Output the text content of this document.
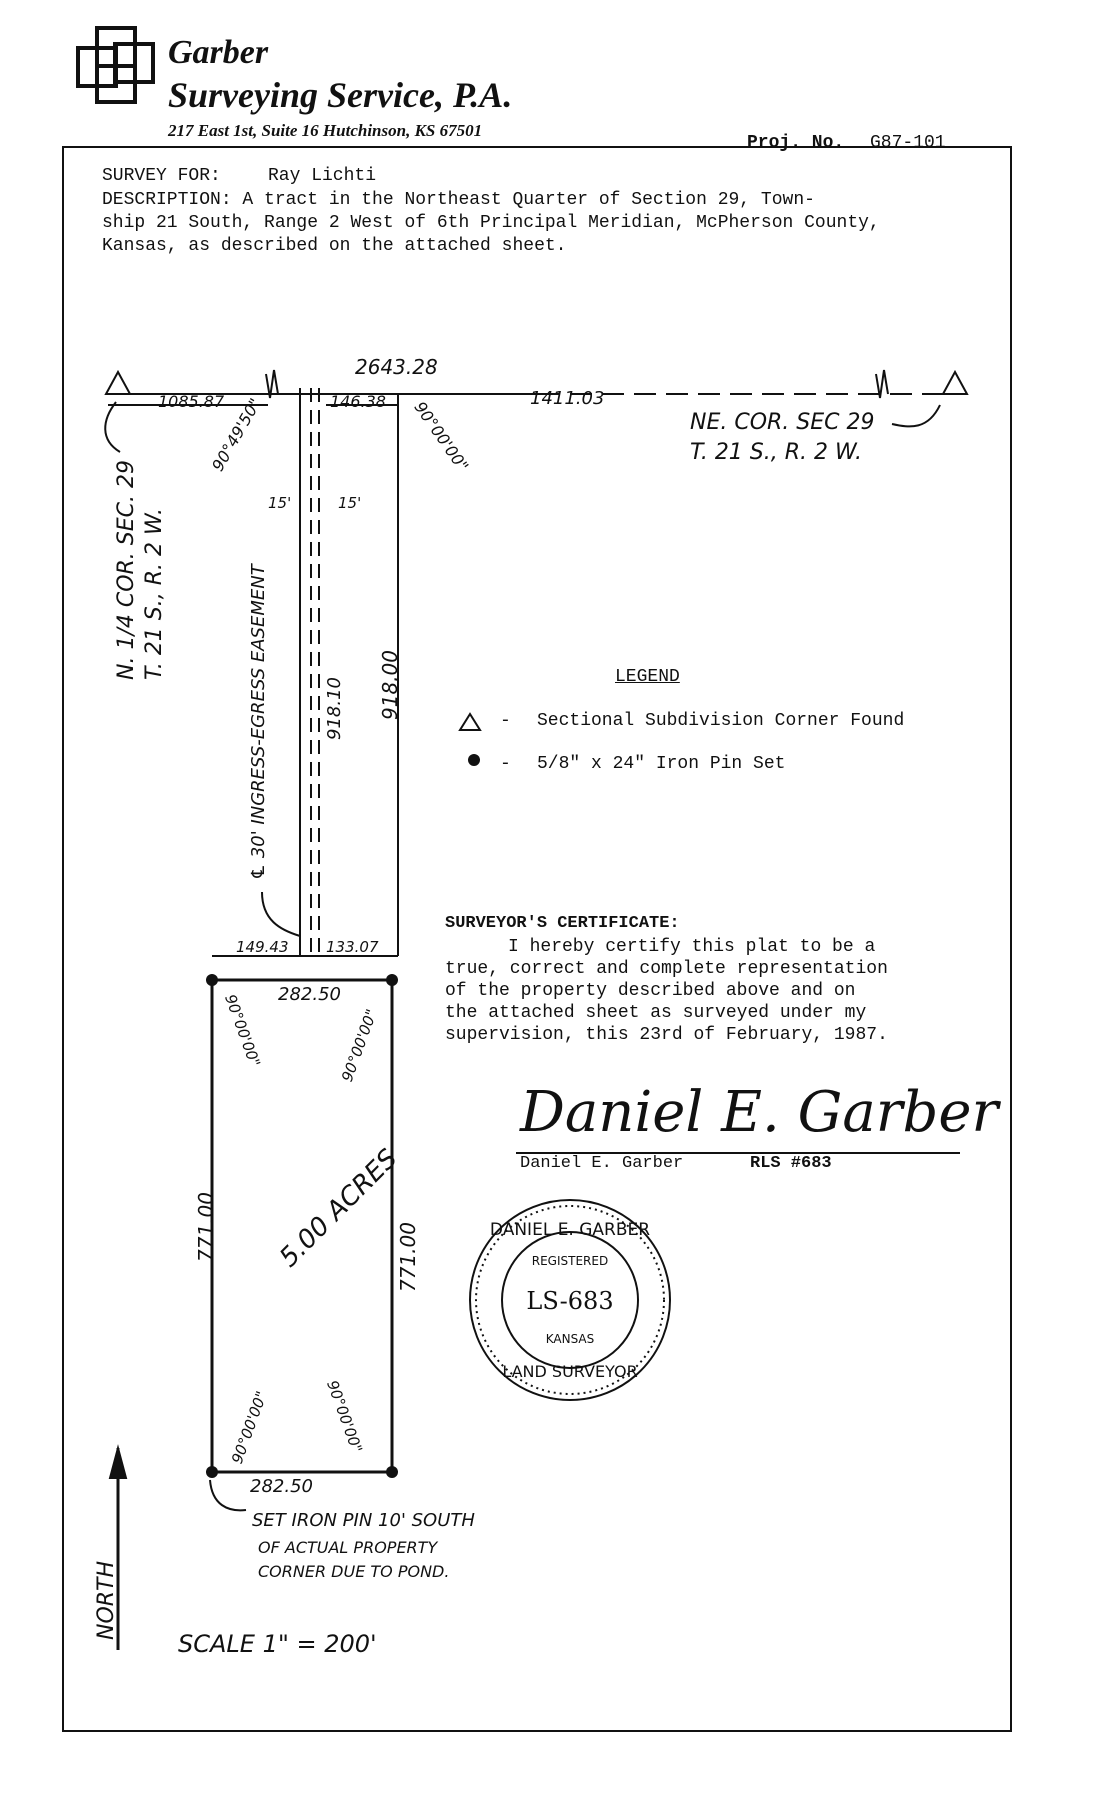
Garber
Surveying Service, P.A.
217 East 1st, Suite 16 Hutchinson, KS 67501
Proj. No. G87-101
SURVEY FOR:	Ray Lichti
DESCRIPTION: A tract in the Northeast Quarter of Section 29, Town-
ship 21 South, Range 2 West of 6th Principal Meridian, McPherson County,
Kansas, as described on the attached sheet.
2643.28
1085.87	146.38	1411.03
90°49'50"	90°00'00"	NE. COR. SEC 29
T. 21 S., R. 2 W.
N. 1/4 COR. SEC. 29 T. 21 S., R. 2 W.	℄ 30' INGRESS-EGRESS EASEMENT
15'	15'
918.10 918.00
149.43	133.07
282.50
282.50
771.00	771.00
5.00 ACRES
90°00'00"	90°00'00"
90°00'00"	90°00'00"
SET IRON PIN 10' SOUTH
OF ACTUAL PROPERTY
CORNER DUE TO POND.
NORTH
SCALE 1" = 200'
LEGEND
- Sectional Subdivision Corner Found
- 5/8" x 24" Iron Pin Set
SURVEYOR'S CERTIFICATE:
I hereby certify this plat to be a
true, correct and complete representation
of the property described above and on
the attached sheet as surveyed under my
supervision, this 23rd of February, 1987.
Daniel E. Garber
Daniel E. Garber	RLS #683
DANIEL E. GARBER
REGISTERED
LS-683
KANSAS
LAND SURVEYOR
